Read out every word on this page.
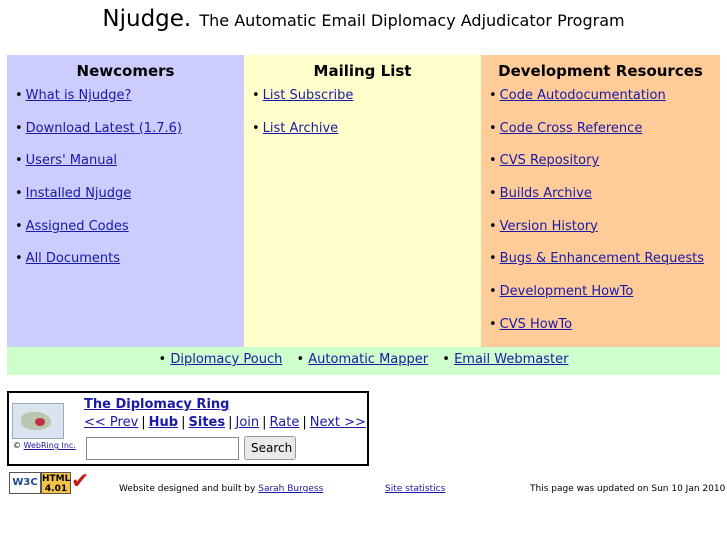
Njudge. The Automatic Email Diplomacy Adjudicator Program
Newcomers
• What is Njudge?
• Download Latest (1.7.6)
• Users' Manual
• Installed Njudge
• Assigned Codes
• All Documents
Mailing List
• List Subscribe
• List Archive
Development Resources
• Code Autodocumentation
• Code Cross Reference
• CVS Repository
• Builds Archive
• Version History
• Bugs & Enhancement Requests
• Development HowTo
• CVS HowTo
• Diplomacy Pouch • Automatic Mapper • Email Webmaster
© WebRing Inc.
The Diplomacy Ring
<< Prev | Hub | Sites | Join | Rate | Next >>
Search
W3C HTML
4.01 ✔	Website designed and built by Sarah Burgess	Site statistics	This page was updated on Sun 10 Jan 2010
